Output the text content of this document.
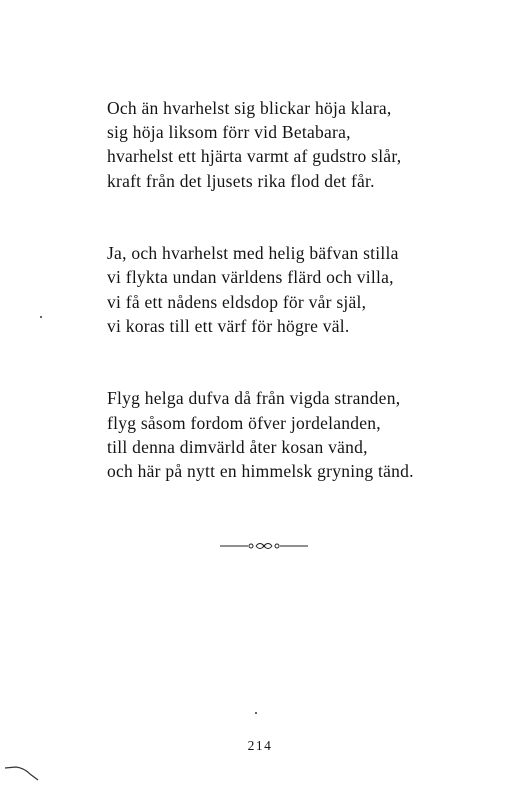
Och än hvarhelst sig blickar höja klara,
sig höja liksom förr vid Betabara,
hvarhelst ett hjärta varmt af gudstro slår,
kraft från det ljusets rika flod det får.
Ja, och hvarhelst med helig bäfvan stilla
vi flykta undan världens flärd och villa,
vi få ett nådens eldsdop för vår själ,
vi koras till ett värf för högre väl.
Flyg helga dufva då från vigda stranden,
flyg såsom fordom öfver jordelanden,
till denna dimvärld åter kosan vänd,
och här på nytt en himmelsk gryning tänd.
214
